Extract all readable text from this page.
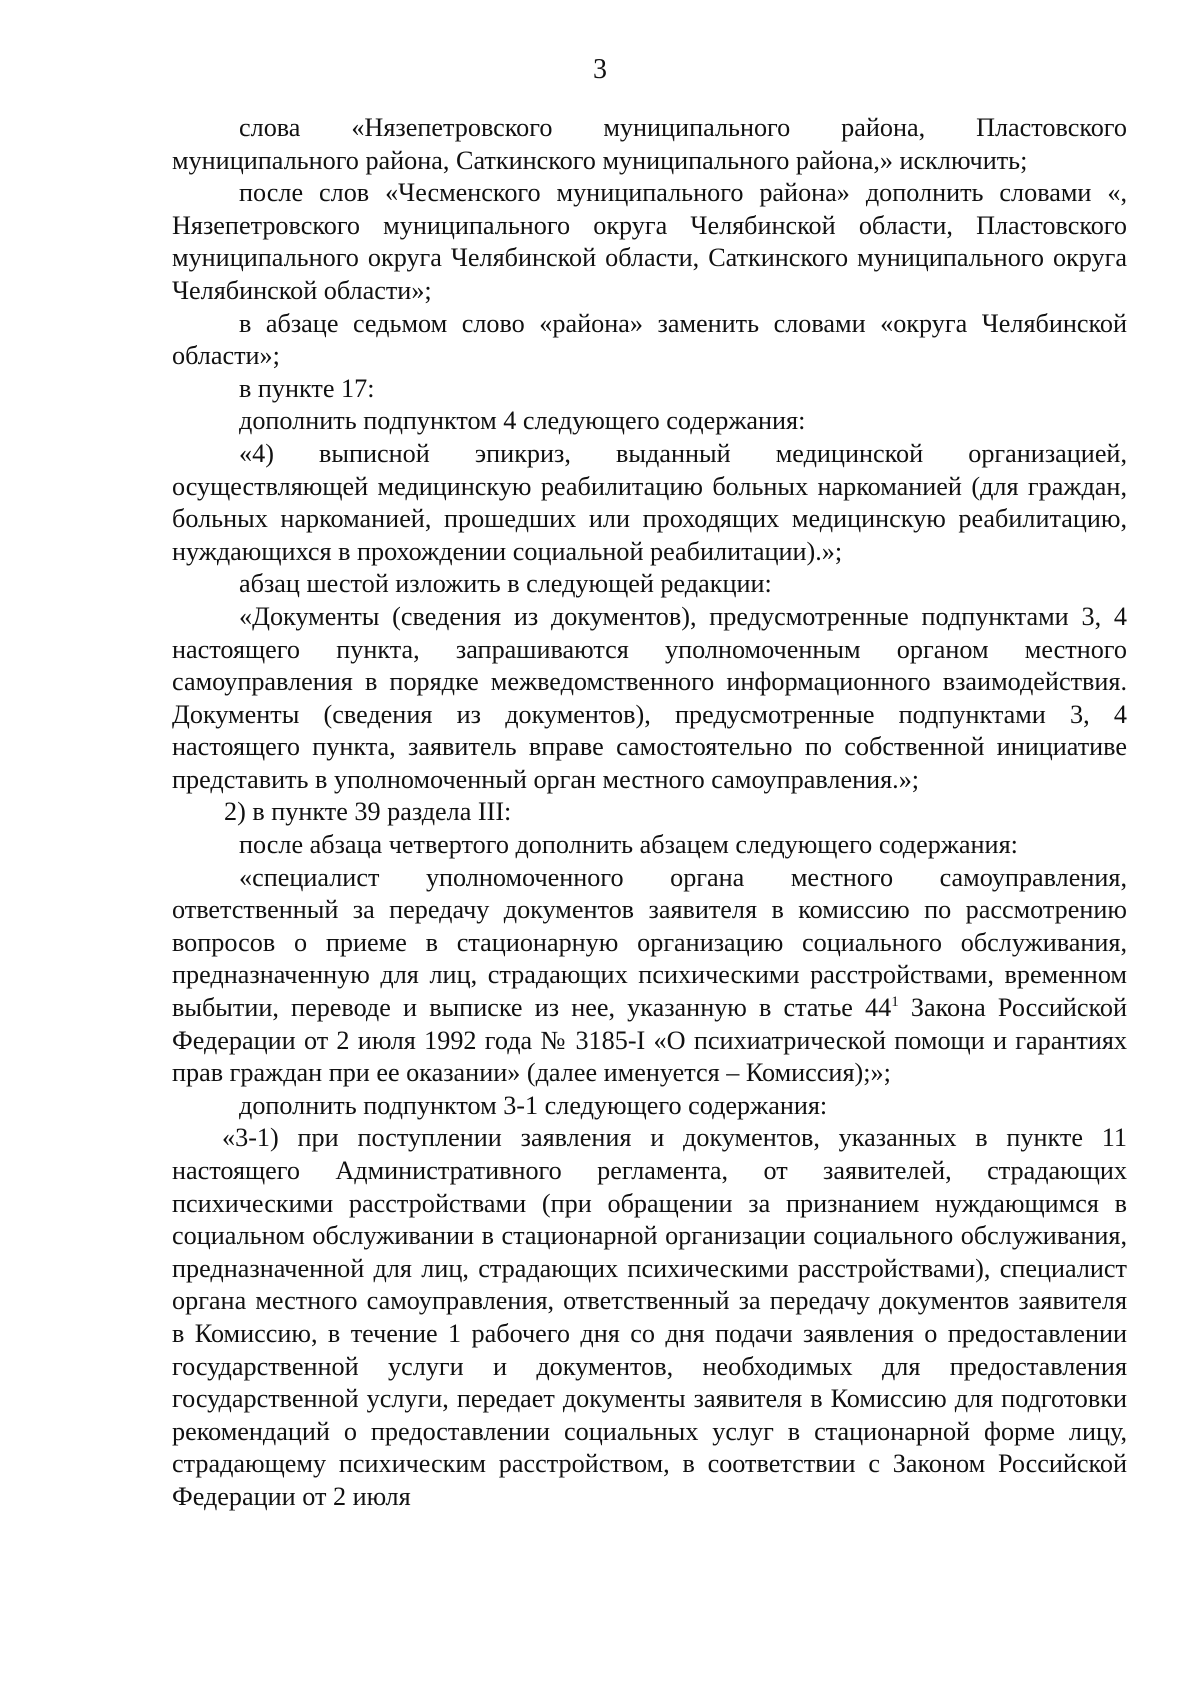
3

слова «Нязепетровского муниципального района, Пластовского муниципального района, Саткинского муниципального района,» исключить;

после слов «Чесменского муниципального района» дополнить словами «, Нязепетровского муниципального округа Челябинской области, Пластовского муниципального округа Челябинской области, Саткинского муниципального округа Челябинской области»;

в абзаце седьмом слово «района» заменить словами «округа Челябинской области»;

в пункте 17:

дополнить подпунктом 4 следующего содержания:

«4) выписной эпикриз, выданный медицинской организацией, осуществляющей медицинскую реабилитацию больных наркоманией (для граждан, больных наркоманией, прошедших или проходящих медицинскую реабилитацию, нуждающихся в прохождении социальной реабилитации).»;

абзац шестой изложить в следующей редакции:

«Документы (сведения из документов), предусмотренные подпунктами 3, 4 настоящего пункта, запрашиваются уполномоченным органом местного самоуправления в порядке межведомственного информационного взаимодействия. Документы (сведения из документов), предусмотренные подпунктами 3, 4 настоящего пункта, заявитель вправе самостоятельно по собственной инициативе представить в уполномоченный орган местного самоуправления.»;

2) в пункте 39 раздела III:

после абзаца четвертого дополнить абзацем следующего содержания:

«специалист уполномоченного органа местного самоуправления, ответственный за передачу документов заявителя в комиссию по рассмотрению вопросов о приеме в стационарную организацию социального обслуживания, предназначенную для лиц, страдающих психическими расстройствами, временном выбытии, переводе и выписке из нее, указанную в статье $44^1$ Закона Российской Федерации от 2 июля 1992 года № 3185-I «О психиатрической помощи и гарантиях прав граждан при ее оказании» (далее именуется – Комиссия);»;

дополнить подпунктом 3-1 следующего содержания:

«3-1) при поступлении заявления и документов, указанных в пункте 11 настоящего Административного регламента, от заявителей, страдающих психическими расстройствами (при обращении за признанием нуждающимся в социальном обслуживании в стационарной организации социального обслуживания, предназначенной для лиц, страдающих психическими расстройствами), специалист органа местного самоуправления, ответственный за передачу документов заявителя в Комиссию, в течение 1 рабочего дня со дня подачи заявления о предоставлении государственной услуги и документов, необходимых для предоставления государственной услуги, передает документы заявителя в Комиссию для подготовки рекомендаций о предоставлении социальных услуг в стационарной форме лицу, страдающему психическим расстройством, в соответствии с Законом Российской Федерации от 2 июля
